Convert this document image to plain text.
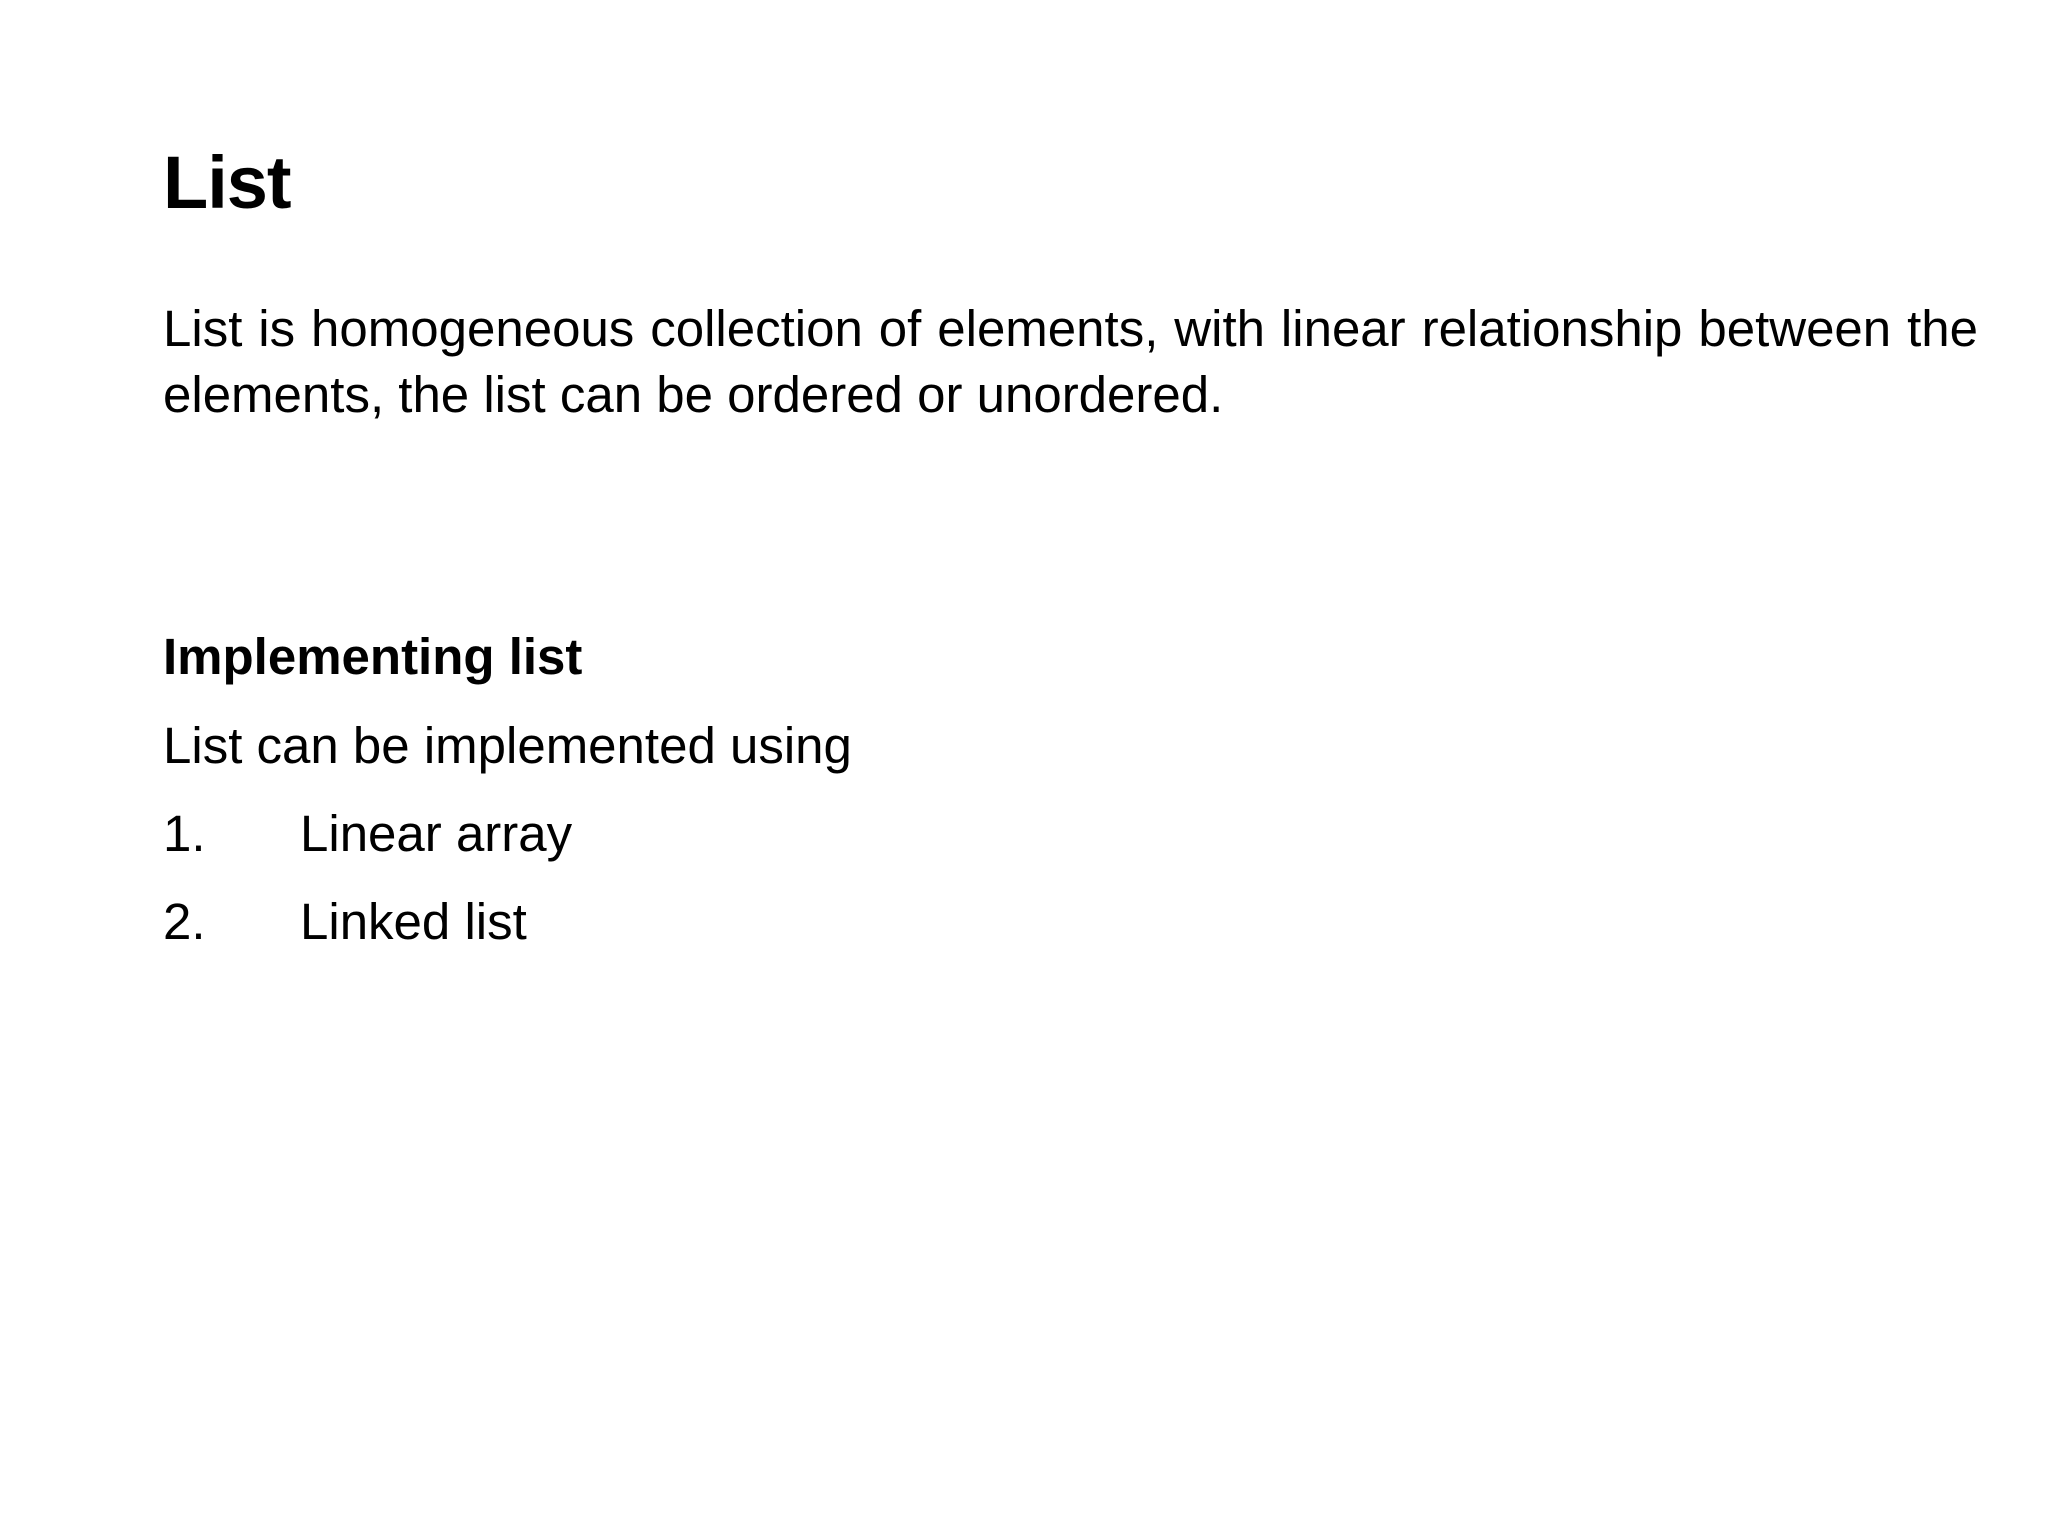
List

List is homogeneous collection of elements, with linear relationship between the elements, the list can be ordered or unordered.

Implementing list

List can be implemented using

1. Linear array
2. Linked list
